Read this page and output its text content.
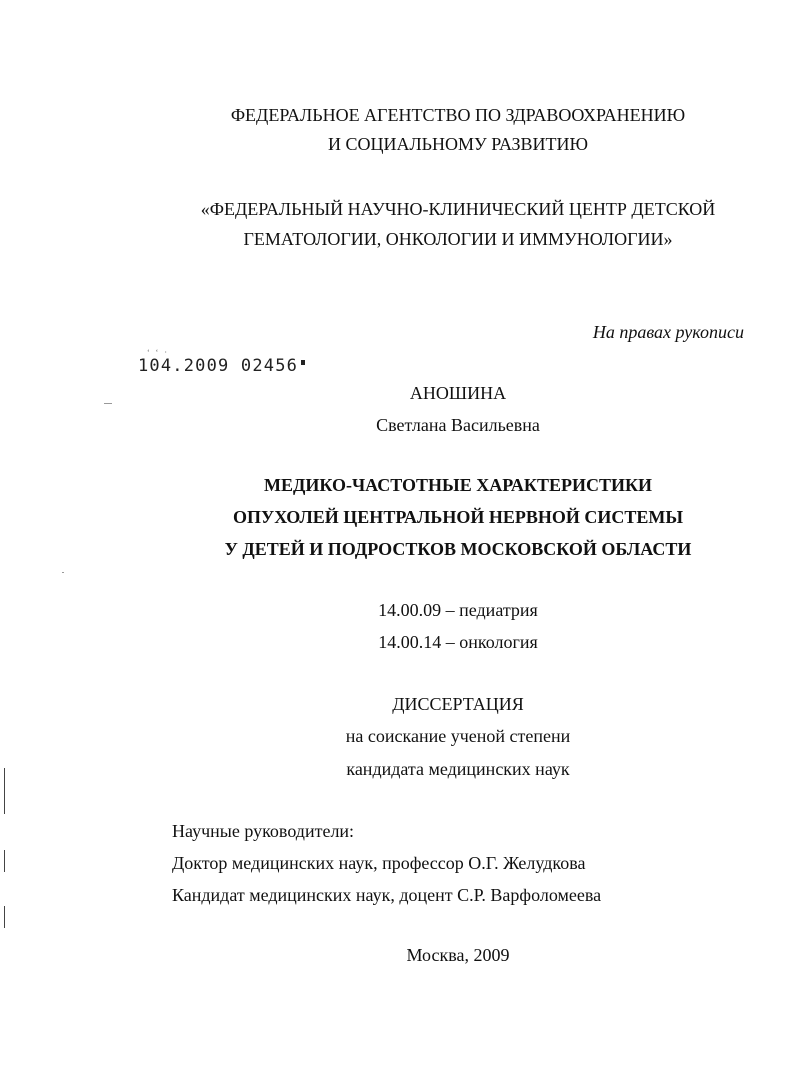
ФЕДЕРАЛЬНОЕ АГЕНТСТВО ПО ЗДРАВООХРАНЕНИЮ
И СОЦИАЛЬНОМУ РАЗВИТИЮ
«ФЕДЕРАЛЬНЫЙ НАУЧНО-КЛИНИЧЕСКИЙ ЦЕНТР ДЕТСКОЙ
ГЕМАТОЛОГИИ, ОНКОЛОГИИ И ИММУНОЛОГИИ»
На правах рукописи
‘ ‘ ·
104.2009 02456
АНОШИНА
Светлана Васильевна
МЕДИКО-ЧАСТОТНЫЕ ХАРАКТЕРИСТИКИ
ОПУХОЛЕЙ ЦЕНТРАЛЬНОЙ НЕРВНОЙ СИСТЕМЫ
У ДЕТЕЙ И ПОДРОСТКОВ МОСКОВСКОЙ ОБЛАСТИ
14.00.09 – педиатрия
14.00.14 – онкология
ДИССЕРТАЦИЯ
на соискание ученой степени
кандидата медицинских наук
Научные руководители:
Доктор медицинских наук, профессор О.Г. Желудкова
Кандидат медицинских наук, доцент С.Р. Варфоломеева
Москва, 2009
